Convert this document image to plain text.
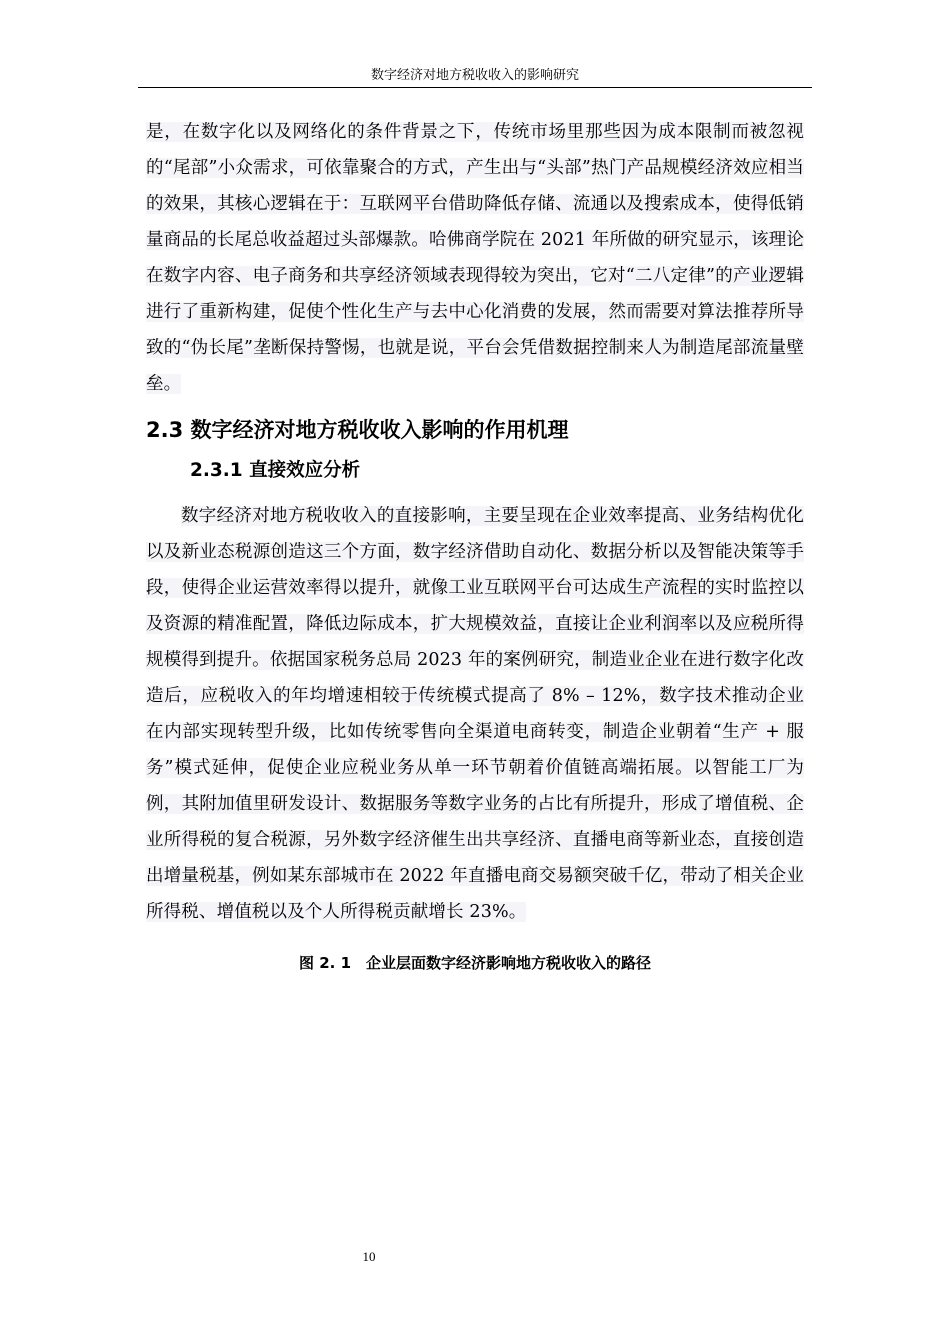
数字经济对地方税收收入的影响研究

是，在数字化以及网络化的条件背景之下，传统市场里那些因为成本限制而被忽视的“尾部”小众需求，可依靠聚合的方式，产生出与“头部”热门产品规模经济效应相当的效果，其核心逻辑在于：互联网平台借助降低存储、流通以及搜索成本，使得低销量商品的长尾总收益超过头部爆款。哈佛商学院在 2021 年所做的研究显示，该理论在数字内容、电子商务和共享经济领域表现得较为突出，它对“二八定律”的产业逻辑进行了重新构建，促使个性化生产与去中心化消费的发展，然而需要对算法推荐所导致的“伪长尾”垄断保持警惕，也就是说，平台会凭借数据控制来人为制造尾部流量壁垒。

2.3 数字经济对地方税收收入影响的作用机理
2.3.1 直接效应分析

数字经济对地方税收收入的直接影响，主要呈现在企业效率提高、业务结构优化以及新业态税源创造这三个方面，数字经济借助自动化、数据分析以及智能决策等手段，使得企业运营效率得以提升，就像工业互联网平台可达成生产流程的实时监控以及资源的精准配置，降低边际成本，扩大规模效益，直接让企业利润率以及应税所得规模得到提升。依据国家税务总局 2023 年的案例研究，制造业企业在进行数字化改造后，应税收入的年均增速相较于传统模式提高了 8% – 12%，数字技术推动企业在内部实现转型升级，比如传统零售向全渠道电商转变，制造企业朝着“生产 + 服务”模式延伸，促使企业应税业务从单一环节朝着价值链高端拓展。以智能工厂为例，其附加值里研发设计、数据服务等数字业务的占比有所提升，形成了增值税、企业所得税的复合税源，另外数字经济催生出共享经济、直播电商等新业态，直接创造出增量税基，例如某东部城市在 2022 年直播电商交易额突破千亿，带动了相关企业所得税、增值税以及个人所得税贡献增长 23%。

图 2. 1　企业层面数字经济影响地方税收收入的路径
10
